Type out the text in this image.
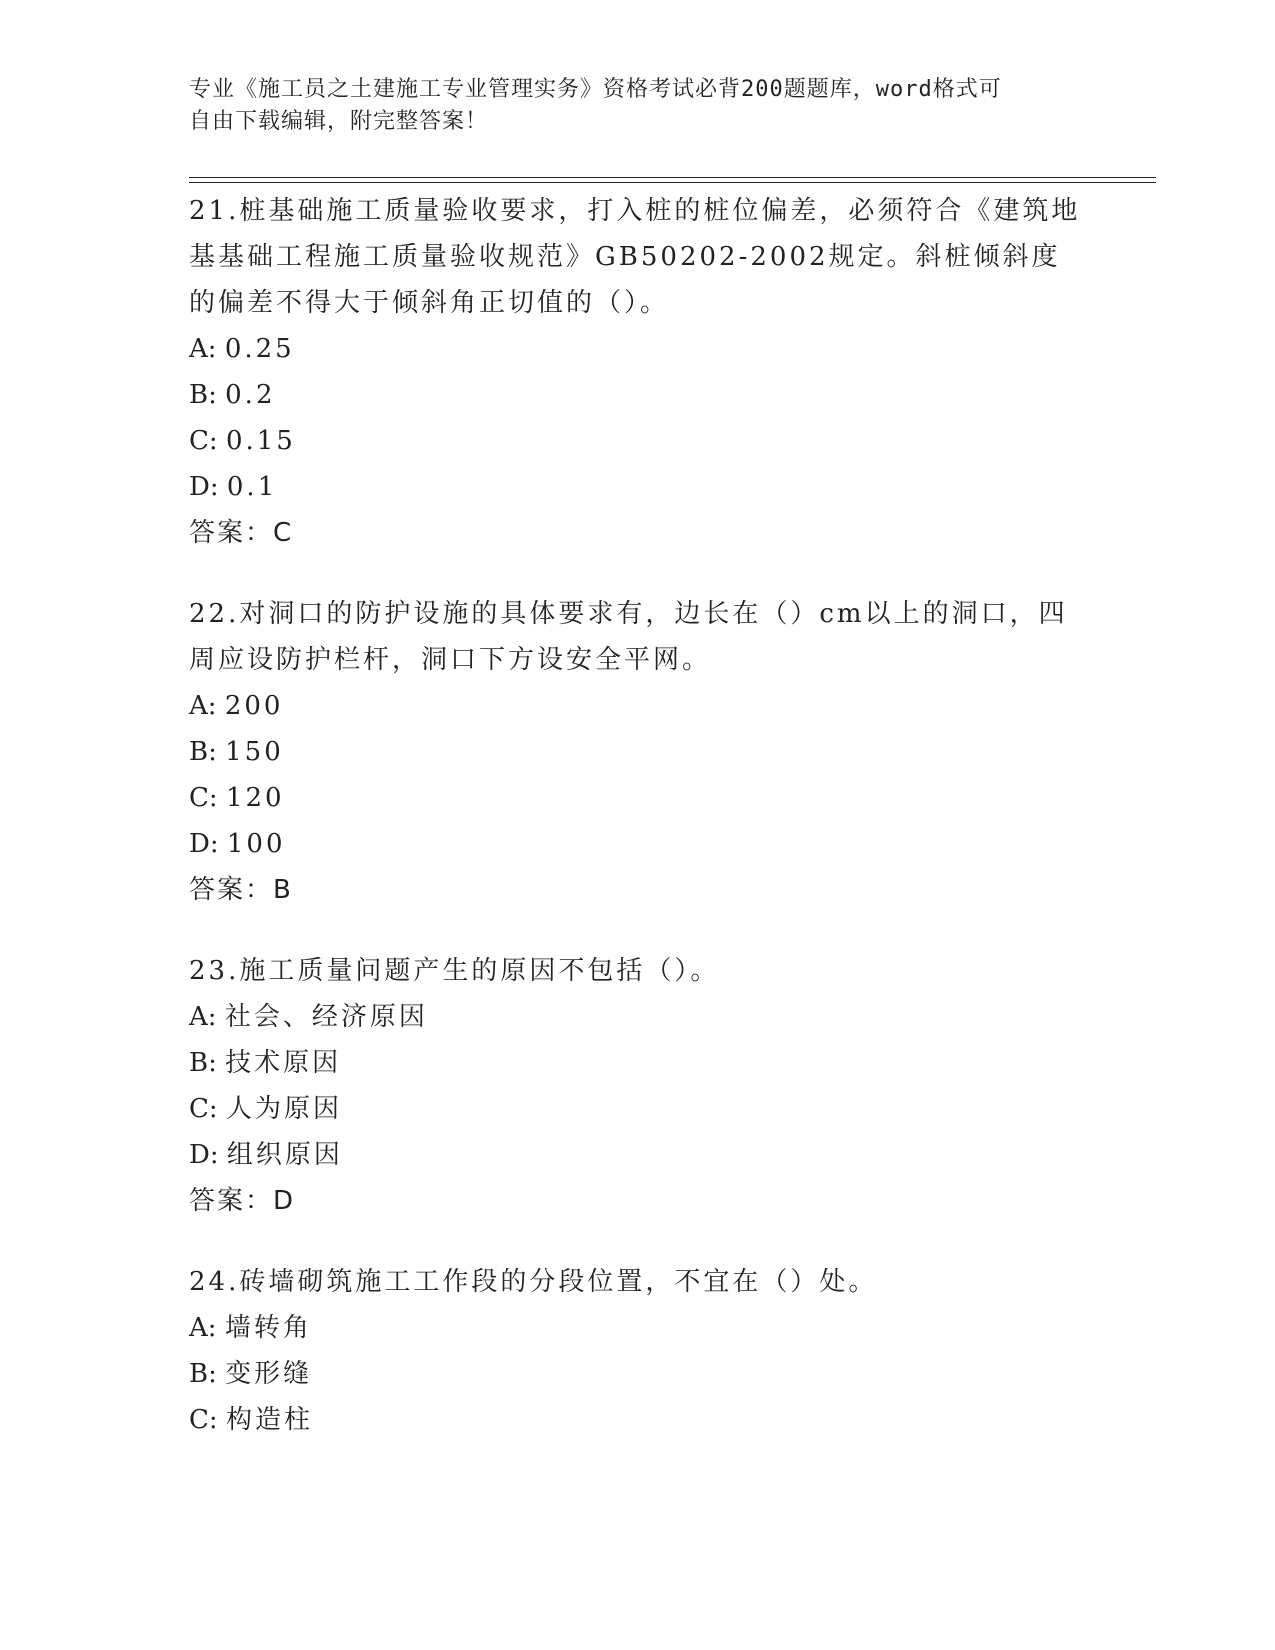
专业《施工员之土建施工专业管理实务》资格考试必背200题题库，word格式可
自由下载编辑，附完整答案！

21.桩基础施工质量验收要求，打入桩的桩位偏差，必须符合《建筑地基基础工程施工质量验收规范》GB50202-2002规定。斜桩倾斜度的偏差不得大于倾斜角正切值的（）。

A: 0.25

B: 0.2

C: 0.15

D: 0.1

答案：C

22.对洞口的防护设施的具体要求有，边长在（）cm以上的洞口，四周应设防护栏杆，洞口下方设安全平网。

A: 200

B: 150

C: 120

D: 100

答案：B

23.施工质量问题产生的原因不包括（）。

A: 社会、经济原因

B: 技术原因

C: 人为原因

D: 组织原因

答案：D

24.砖墙砌筑施工工作段的分段位置，不宜在（）处。

A: 墙转角

B: 变形缝

C: 构造柱
